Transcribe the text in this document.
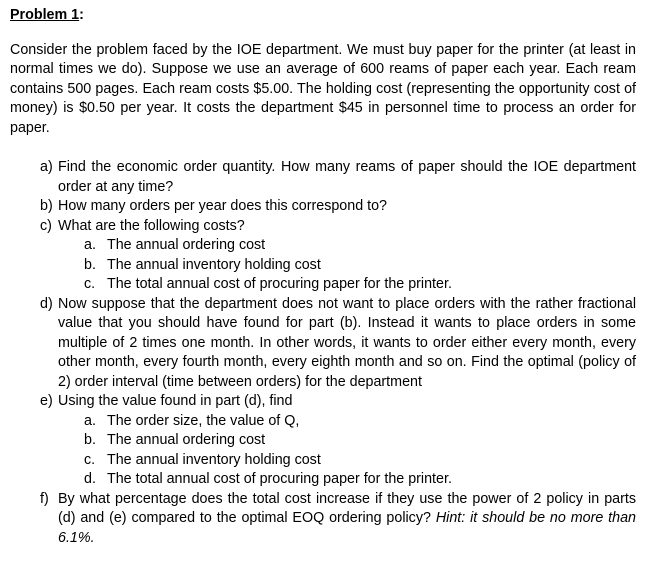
Problem 1:
Consider the problem faced by the IOE department. We must buy paper for the printer (at least in normal times we do). Suppose we use an average of 600 reams of paper each year. Each ream contains 500 pages. Each ream costs $5.00. The holding cost (representing the opportunity cost of money) is $0.50 per year. It costs the department $45 in personnel time to process an order for paper.
a) Find the economic order quantity. How many reams of paper should the IOE department order at any time?
b) How many orders per year does this correspond to?
c) What are the following costs?
a. The annual ordering cost
b. The annual inventory holding cost
c. The total annual cost of procuring paper for the printer.
d) Now suppose that the department does not want to place orders with the rather fractional value that you should have found for part (b). Instead it wants to place orders in some multiple of 2 times one month. In other words, it wants to order either every month, every other month, every fourth month, every eighth month and so on. Find the optimal (policy of 2) order interval (time between orders) for the department
e) Using the value found in part (d), find
a. The order size, the value of Q,
b. The annual ordering cost
c. The annual inventory holding cost
d. The total annual cost of procuring paper for the printer.
f) By what percentage does the total cost increase if they use the power of 2 policy in parts (d) and (e) compared to the optimal EOQ ordering policy? Hint: it should be no more than 6.1%.
